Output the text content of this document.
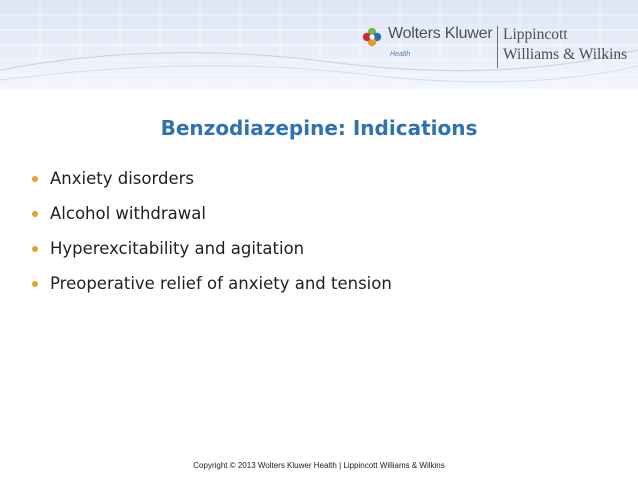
Wolters Kluwer
Health
Lippincott
Williams & Wilkins
Benzodiazepine: Indications
Anxiety disorders
Alcohol withdrawal
Hyperexcitability and agitation
Preoperative relief of anxiety and tension
Copyright © 2013 Wolters Kluwer Health | Lippincott Williams & Wilkins
